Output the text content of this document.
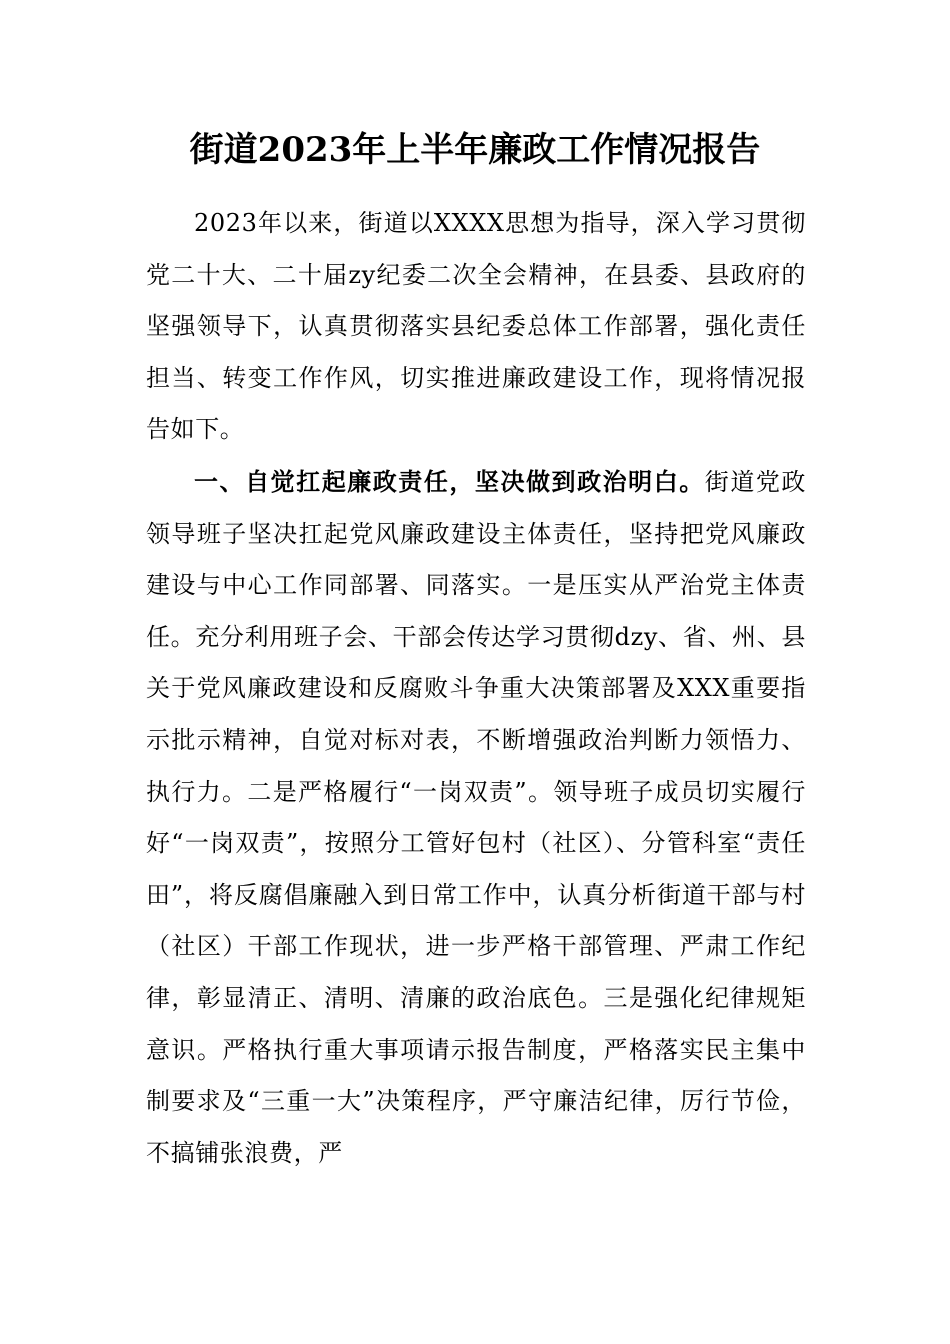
街道2023年上半年廉政工作情况报告

2023年以来，街道以XXXX思想为指导，深入学习贯彻党二十大、二十届zy纪委二次全会精神，在县委、县政府的坚强领导下，认真贯彻落实县纪委总体工作部署，强化责任担当、转变工作作风，切实推进廉政建设工作，现将情况报告如下。

一、自觉扛起廉政责任，坚决做到政治明白。街道党政领导班子坚决扛起党风廉政建设主体责任，坚持把党风廉政建设与中心工作同部署、同落实。一是压实从严治党主体责任。充分利用班子会、干部会传达学习贯彻dzy、省、州、县关于党风廉政建设和反腐败斗争重大决策部署及XXX重要指示批示精神，自觉对标对表，不断增强政治判断力领悟力、执行力。二是严格履行“一岗双责”。领导班子成员切实履行好“一岗双责”，按照分工管好包村（社区）、分管科室“责任田”，将反腐倡廉融入到日常工作中，认真分析街道干部与村（社区）干部工作现状，进一步严格干部管理、严肃工作纪律，彰显清正、清明、清廉的政治底色。三是强化纪律规矩意识。严格执行重大事项请示报告制度，严格落实民主集中制要求及“三重一大”决策程序，严守廉洁纪律，厉行节俭，不搞铺张浪费，严
